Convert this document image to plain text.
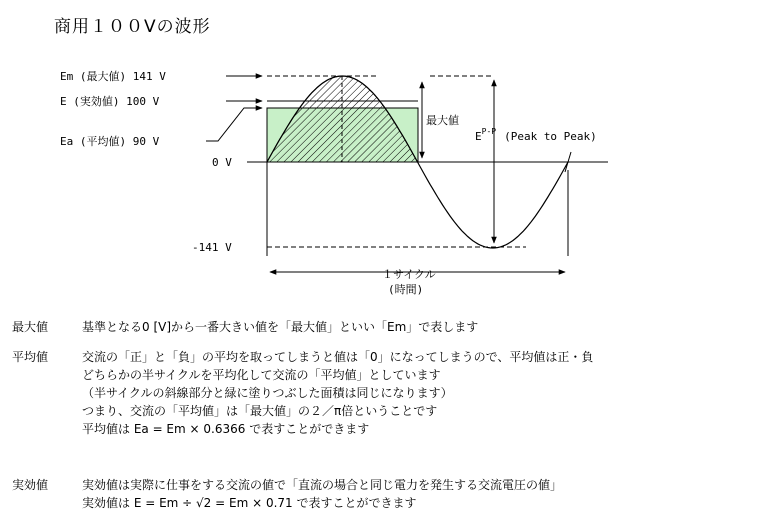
商用１００Vの波形
Em (最大値) 141 V
E (実効値) 100 V
Ea (平均値) 90 V
0 V
-141 V
最大値
$E^{P-P}$ (Peak to Peak)
１サイクル
(時間)
最大値	基準となる0 [V]から一番大きい値を「最大値」といい「Em」で表します
平均値	交流の「正」と「負」の平均を取ってしまうと値は「0」になってしまうので、平均値は正・負
どちらかの半サイクルを平均化して交流の「平均値」としています
（半サイクルの斜線部分と緑に塗りつぶした面積は同じになります）
つまり、交流の「平均値」は「最大値」の２／π倍ということです
平均値は Ea = Em × 0.6366 で表すことができます
実効値	実効値は実際に仕事をする交流の値で「直流の場合と同じ電力を発生する交流電圧の値」
実効値は E = Em ÷ √2 = Em × 0.71 で表すことができます
